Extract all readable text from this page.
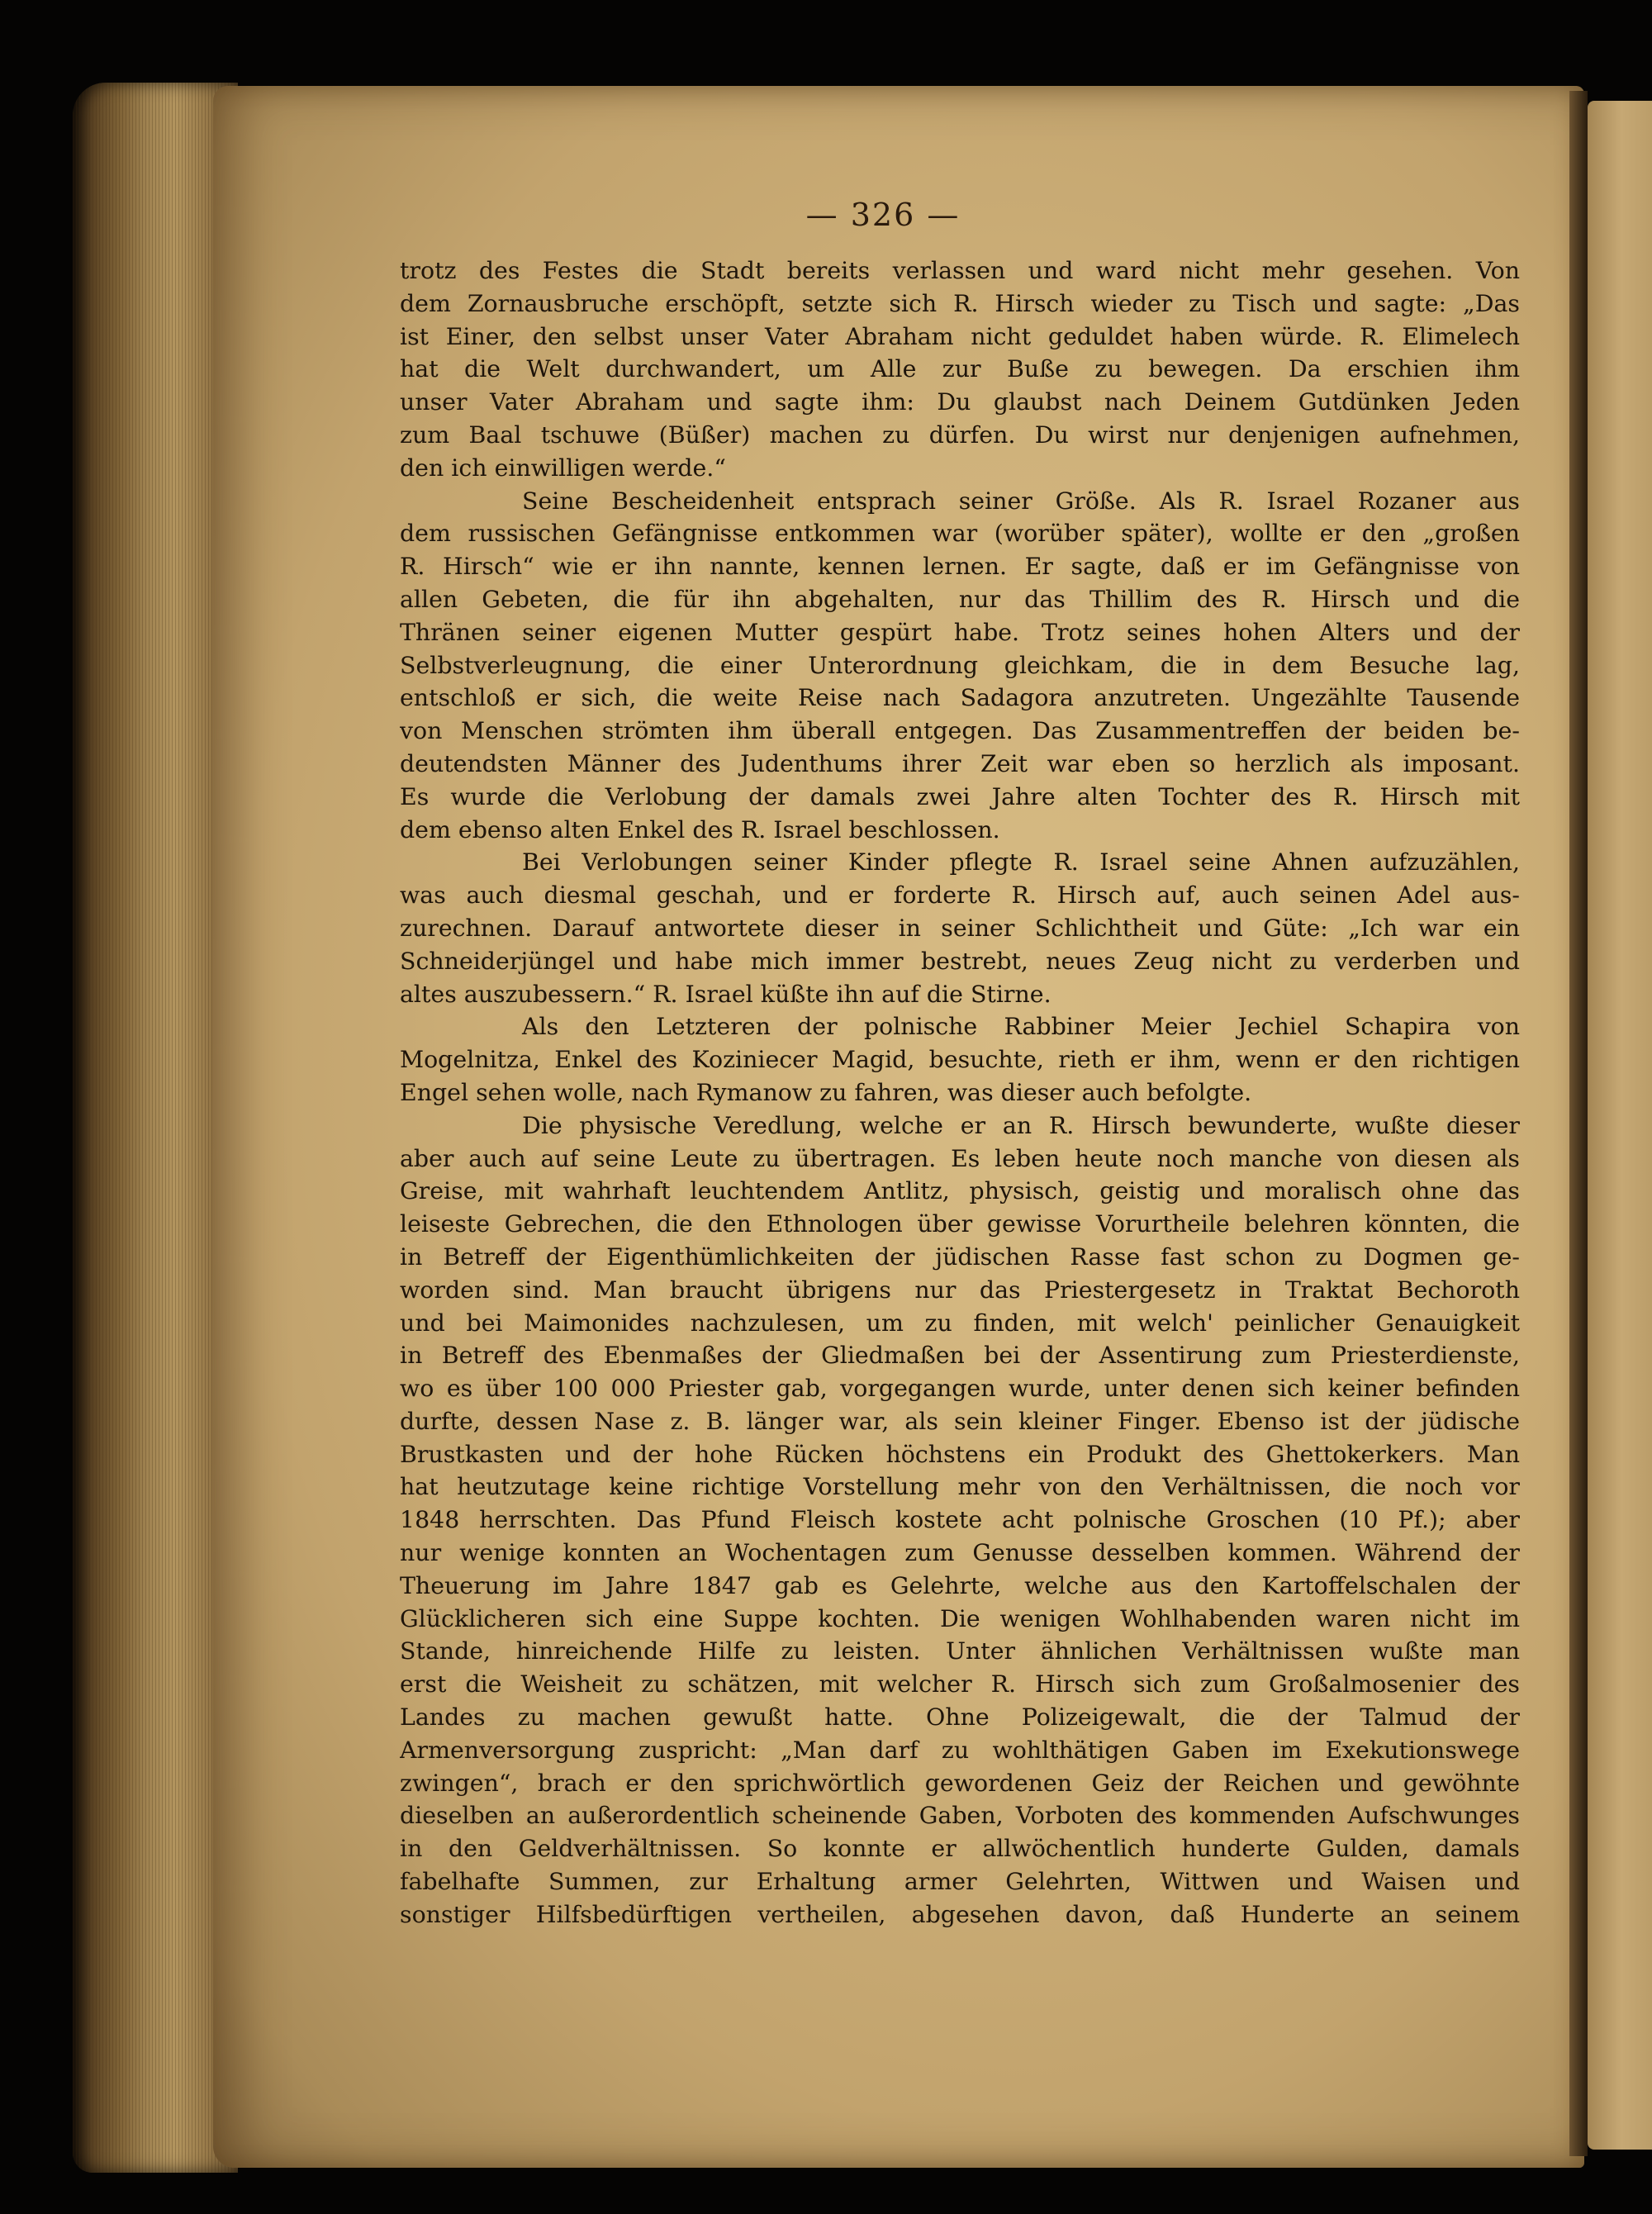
— 326 —
trotz des Festes die Stadt bereits verlassen und ward nicht mehr gesehen. Von
dem Zornausbruche erschöpft, setzte sich R. Hirsch wieder zu Tisch und sagte: „Das
ist Einer, den selbst unser Vater Abraham nicht geduldet haben würde. R. Elimelech
hat die Welt durchwandert, um Alle zur Buße zu bewegen. Da erschien ihm
unser Vater Abraham und sagte ihm: Du glaubst nach Deinem Gutdünken Jeden
zum Baal tschuwe (Büßer) machen zu dürfen. Du wirst nur denjenigen aufnehmen,
den ich einwilligen werde.“
Seine Bescheidenheit entsprach seiner Größe. Als R. Israel Rozaner aus
dem russischen Gefängnisse entkommen war (worüber später), wollte er den „großen
R. Hirsch“ wie er ihn nannte, kennen lernen. Er sagte, daß er im Gefängnisse von
allen Gebeten, die für ihn abgehalten, nur das Thillim des R. Hirsch und die
Thränen seiner eigenen Mutter gespürt habe. Trotz seines hohen Alters und der
Selbstverleugnung, die einer Unterordnung gleichkam, die in dem Besuche lag,
entschloß er sich, die weite Reise nach Sadagora anzutreten. Ungezählte Tausende
von Menschen strömten ihm überall entgegen. Das Zusammentreffen der beiden be-
deutendsten Männer des Judenthums ihrer Zeit war eben so herzlich als imposant.
Es wurde die Verlobung der damals zwei Jahre alten Tochter des R. Hirsch mit
dem ebenso alten Enkel des R. Israel beschlossen.
Bei Verlobungen seiner Kinder pflegte R. Israel seine Ahnen aufzuzählen,
was auch diesmal geschah, und er forderte R. Hirsch auf, auch seinen Adel aus-
zurechnen. Darauf antwortete dieser in seiner Schlichtheit und Güte: „Ich war ein
Schneiderjüngel und habe mich immer bestrebt, neues Zeug nicht zu verderben und
altes auszubessern.“ R. Israel küßte ihn auf die Stirne.
Als den Letzteren der polnische Rabbiner Meier Jechiel Schapira von
Mogelnitza, Enkel des Koziniecer Magid, besuchte, rieth er ihm, wenn er den richtigen
Engel sehen wolle, nach Rymanow zu fahren, was dieser auch befolgte.
Die physische Veredlung, welche er an R. Hirsch bewunderte, wußte dieser
aber auch auf seine Leute zu übertragen. Es leben heute noch manche von diesen als
Greise, mit wahrhaft leuchtendem Antlitz, physisch, geistig und moralisch ohne das
leiseste Gebrechen, die den Ethnologen über gewisse Vorurtheile belehren könnten, die
in Betreff der Eigenthümlichkeiten der jüdischen Rasse fast schon zu Dogmen ge-
worden sind. Man braucht übrigens nur das Priestergesetz in Traktat Bechoroth
und bei Maimonides nachzulesen, um zu finden, mit welch' peinlicher Genauigkeit
in Betreff des Ebenmaßes der Gliedmaßen bei der Assentirung zum Priesterdienste,
wo es über 100 000 Priester gab, vorgegangen wurde, unter denen sich keiner befinden
durfte, dessen Nase z. B. länger war, als sein kleiner Finger. Ebenso ist der jüdische
Brustkasten und der hohe Rücken höchstens ein Produkt des Ghettokerkers. Man
hat heutzutage keine richtige Vorstellung mehr von den Verhältnissen, die noch vor
1848 herrschten. Das Pfund Fleisch kostete acht polnische Groschen (10 Pf.); aber
nur wenige konnten an Wochentagen zum Genusse desselben kommen. Während der
Theuerung im Jahre 1847 gab es Gelehrte, welche aus den Kartoffelschalen der
Glücklicheren sich eine Suppe kochten. Die wenigen Wohlhabenden waren nicht im
Stande, hinreichende Hilfe zu leisten. Unter ähnlichen Verhältnissen wußte man
erst die Weisheit zu schätzen, mit welcher R. Hirsch sich zum Großalmosenier des
Landes zu machen gewußt hatte. Ohne Polizeigewalt, die der Talmud der
Armenversorgung zuspricht: „Man darf zu wohlthätigen Gaben im Exekutionswege
zwingen“, brach er den sprichwörtlich gewordenen Geiz der Reichen und gewöhnte
dieselben an außerordentlich scheinende Gaben, Vorboten des kommenden Aufschwunges
in den Geldverhältnissen. So konnte er allwöchentlich hunderte Gulden, damals
fabelhafte Summen, zur Erhaltung armer Gelehrten, Wittwen und Waisen und
sonstiger Hilfsbedürftigen vertheilen, abgesehen davon, daß Hunderte an seinem
